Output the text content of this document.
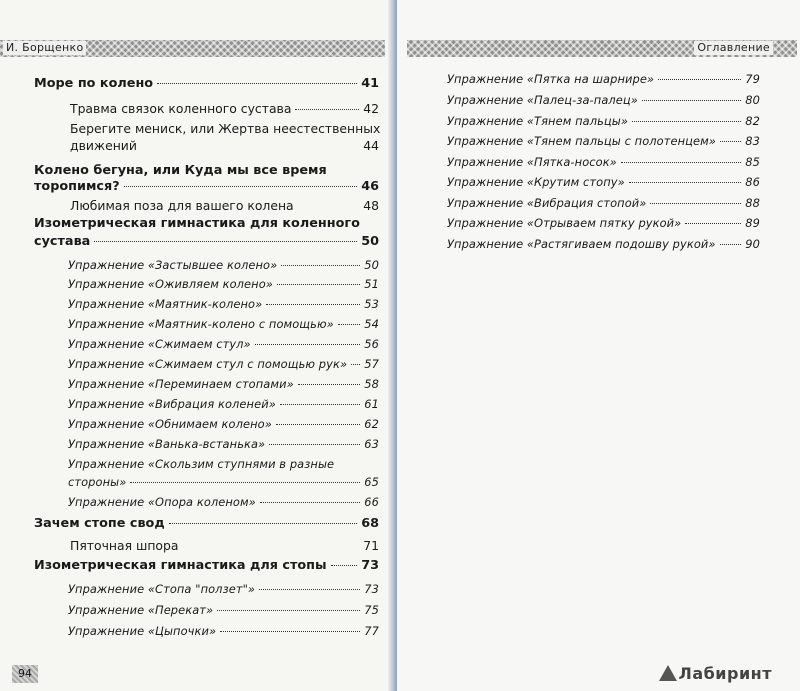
И. Борщенко
Море по колено	41
Травма связок коленного сустава	42
Берегите мениск, или Жертва неестественных
движений	44
Колено бегуна, или Куда мы все время
торопимся?	46
Любимая поза для вашего колена	48
Изометрическая гимнастика для коленного
сустава	50
Упражнение «Застывшее колено»	50
Упражнение «Оживляем колено»	51
Упражнение «Маятник-колено»	53
Упражнение «Маятник-колено с помощью»	54
Упражнение «Сжимаем стул»	56
Упражнение «Сжимаем стул с помощью рук» 57
Упражнение «Переминаем стопами»	58
Упражнение «Вибрация коленей»	61
Упражнение «Обнимаем колено»	62
Упражнение «Ванька-встанька»	63
Упражнение «Скользим ступнями в разные
стороны»	65
Упражнение «Опора коленом»	66
Зачем стопе свод	68
Пяточная шпора	71
Изометрическая гимнастика для стопы	73
Упражнение «Стопа "ползет"»	73
Упражнение «Перекат»	75
Упражнение «Цыпочки»	77
94
Оглавление
Упражнение «Пятка на шарнире»	79
Упражнение «Палец-за-палец»	80
Упражнение «Тянем пальцы»	82
Упражнение «Тянем пальцы с полотенцем»	83
Упражнение «Пятка-носок»	85
Упражнение «Крутим стопу»	86
Упражнение «Вибрация стопой»	88
Упражнение «Отрываем пятку рукой»	89
Упражнение «Растягиваем подошву рукой»	90
Лабиринт
